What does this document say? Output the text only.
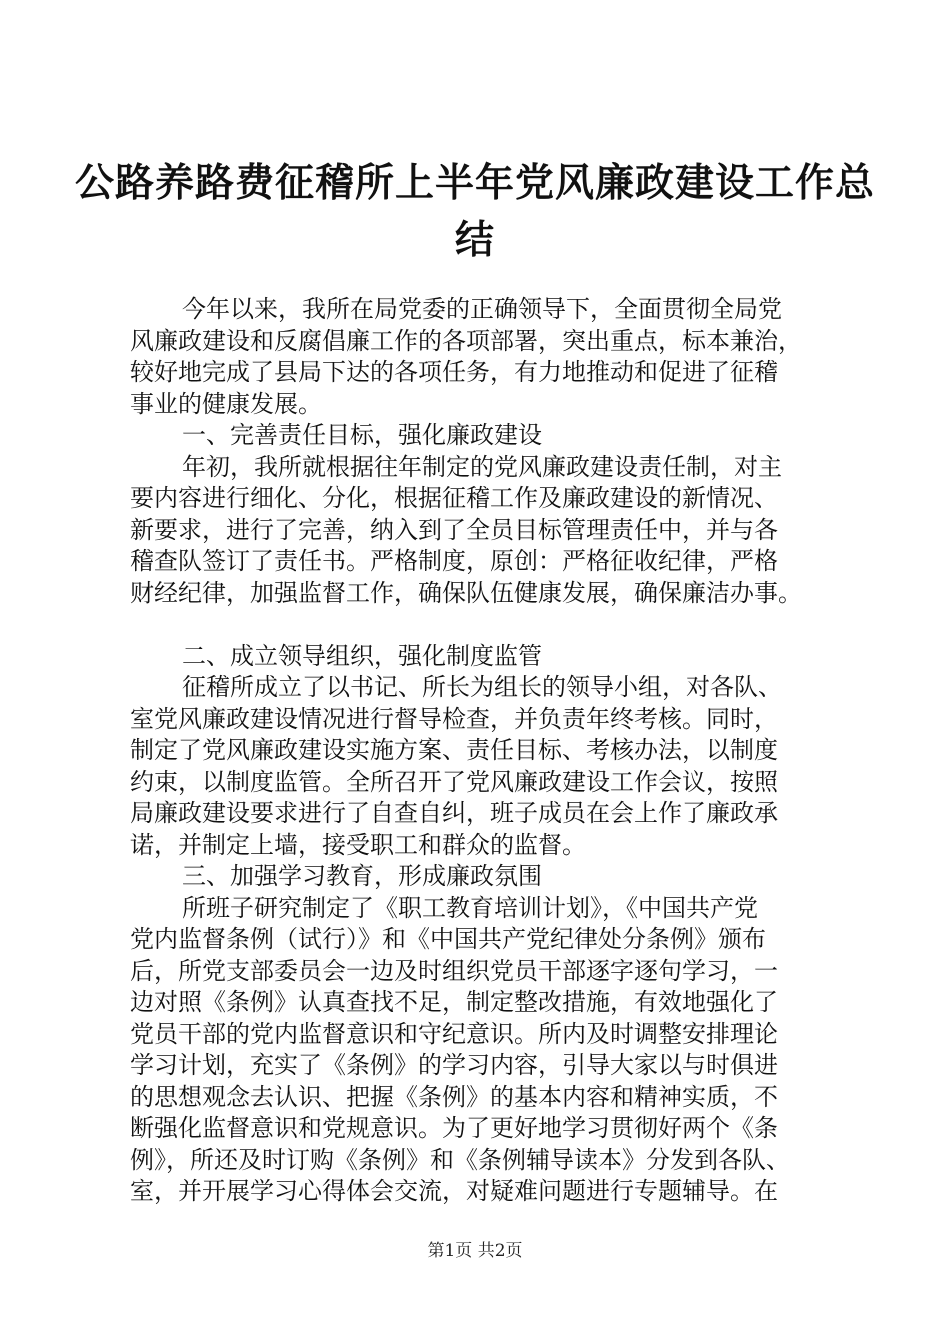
公路养路费征稽所上半年党风廉政建设工作总
结
今年以来，我所在局党委的正确领导下，全面贯彻全局党
风廉政建设和反腐倡廉工作的各项部署，突出重点，标本兼治，
较好地完成了县局下达的各项任务，有力地推动和促进了征稽
事业的健康发展。
一、完善责任目标，强化廉政建设
年初，我所就根据往年制定的党风廉政建设责任制，对主
要内容进行细化、分化，根据征稽工作及廉政建设的新情况、
新要求，进行了完善，纳入到了全员目标管理责任中，并与各
稽查队签订了责任书。严格制度，原创：严格征收纪律，严格
财经纪律，加强监督工作，确保队伍健康发展，确保廉洁办事。
二、成立领导组织，强化制度监管
征稽所成立了以书记、所长为组长的领导小组，对各队、
室党风廉政建设情况进行督导检查，并负责年终考核。同时，
制定了党风廉政建设实施方案、责任目标、考核办法，以制度
约束，以制度监管。全所召开了党风廉政建设工作会议，按照
局廉政建设要求进行了自查自纠，班子成员在会上作了廉政承
诺，并制定上墙，接受职工和群众的监督。
三、加强学习教育，形成廉政氛围
所班子研究制定了《职工教育培训计划》，《中国共产党
党内监督条例（试行）》和《中国共产党纪律处分条例》颁布
后，所党支部委员会一边及时组织党员干部逐字逐句学习，一
边对照《条例》认真查找不足，制定整改措施，有效地强化了
党员干部的党内监督意识和守纪意识。所内及时调整安排理论
学习计划，充实了《条例》的学习内容，引导大家以与时俱进
的思想观念去认识、把握《条例》的基本内容和精神实质，不
断强化监督意识和党规意识。为了更好地学习贯彻好两个《条
例》，所还及时订购《条例》和《条例辅导读本》分发到各队、
室，并开展学习心得体会交流，对疑难问题进行专题辅导。在
第1页 共2页
